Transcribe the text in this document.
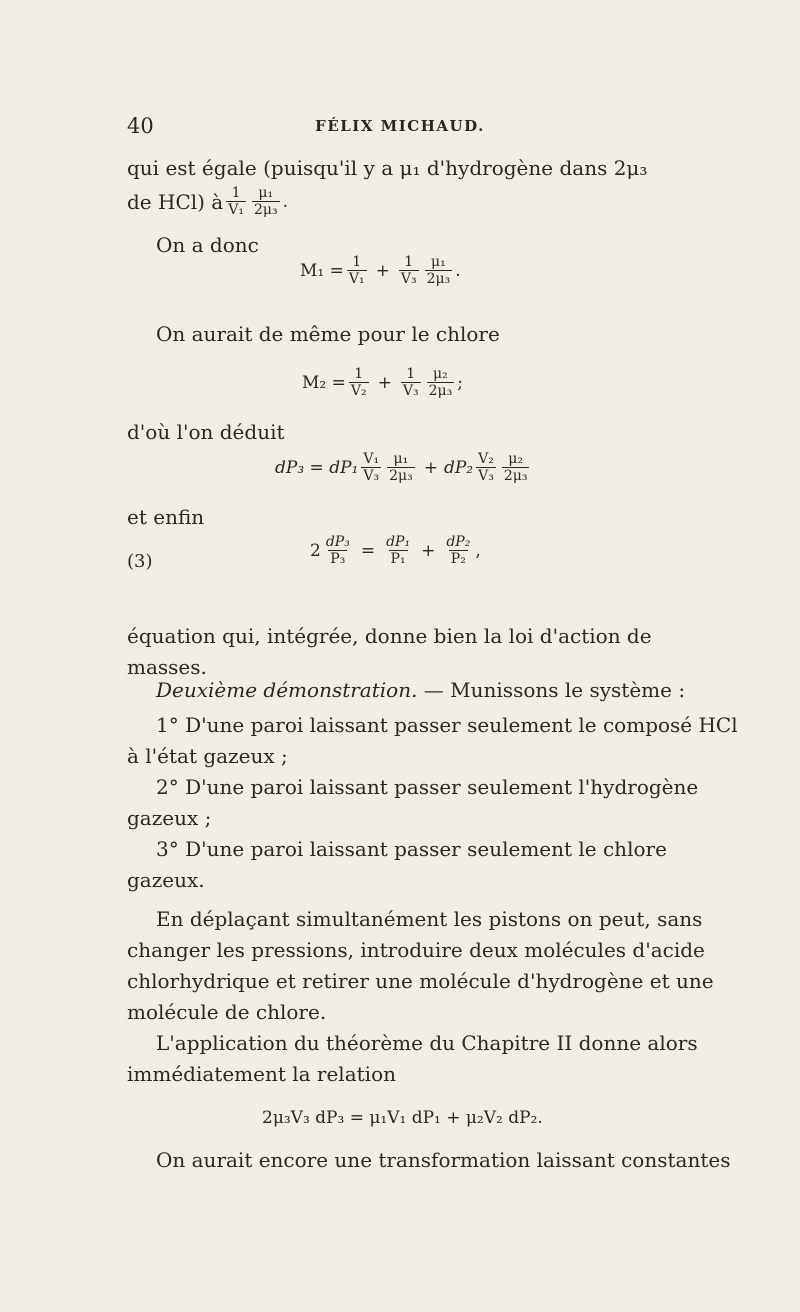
40	FÉLIX MICHAUD.
qui est égale (puisqu'il y a μ₁ d'hydrogène dans 2μ₃
de HCl) à $\frac{1}{\text{V₁}} \frac{\text{μ₁}}{\text{2μ₃}}$ .
On a donc
$M_1 = \frac{1}{\text{V₁}} + \frac{1}{\text{V₃}} \frac{\text{μ₁}}{\text{2μ₃}}$ .
On aurait de même pour le chlore
$M_2 = \frac{1}{\text{V₂}} + \frac{1}{\text{V₃}} \frac{\text{μ₂}}{\text{2μ₃}}$ ;
d'où l'on déduit
$dP_3 = dP_1 \frac{\text{V₁}}{\text{V₃}} \frac{\text{μ₁}}{\text{2μ₃}} + dP_2 \frac{\text{V₂}}{\text{V₃}} \frac{\text{μ₂}}{\text{2μ₃}}$
et enfin
(3)	$2 \frac{\text{dP₃}}{\text{P₃}} = \frac{\text{dP₁}}{\text{P₁}} + \frac{\text{dP₂}}{\text{P₂}}$ ,
équation qui, intégrée, donne bien la loi d'action de
masses.
Deuxième démonstration. — Munissons le système :
1° D'une paroi laissant passer seulement le composé HCl
à l'état gazeux ;
2° D'une paroi laissant passer seulement l'hydrogène
gazeux ;
3° D'une paroi laissant passer seulement le chlore
gazeux.
En déplaçant simultanément les pistons on peut, sans
changer les pressions, introduire deux molécules d'acide
chlorhydrique et retirer une molécule d'hydrogène et une
molécule de chlore.
L'application du théorème du Chapitre II donne alors
immédiatement la relation
2μ₃V₃ dP₃ = μ₁V₁ dP₁ + μ₂V₂ dP₂.
On aurait encore une transformation laissant constantes
